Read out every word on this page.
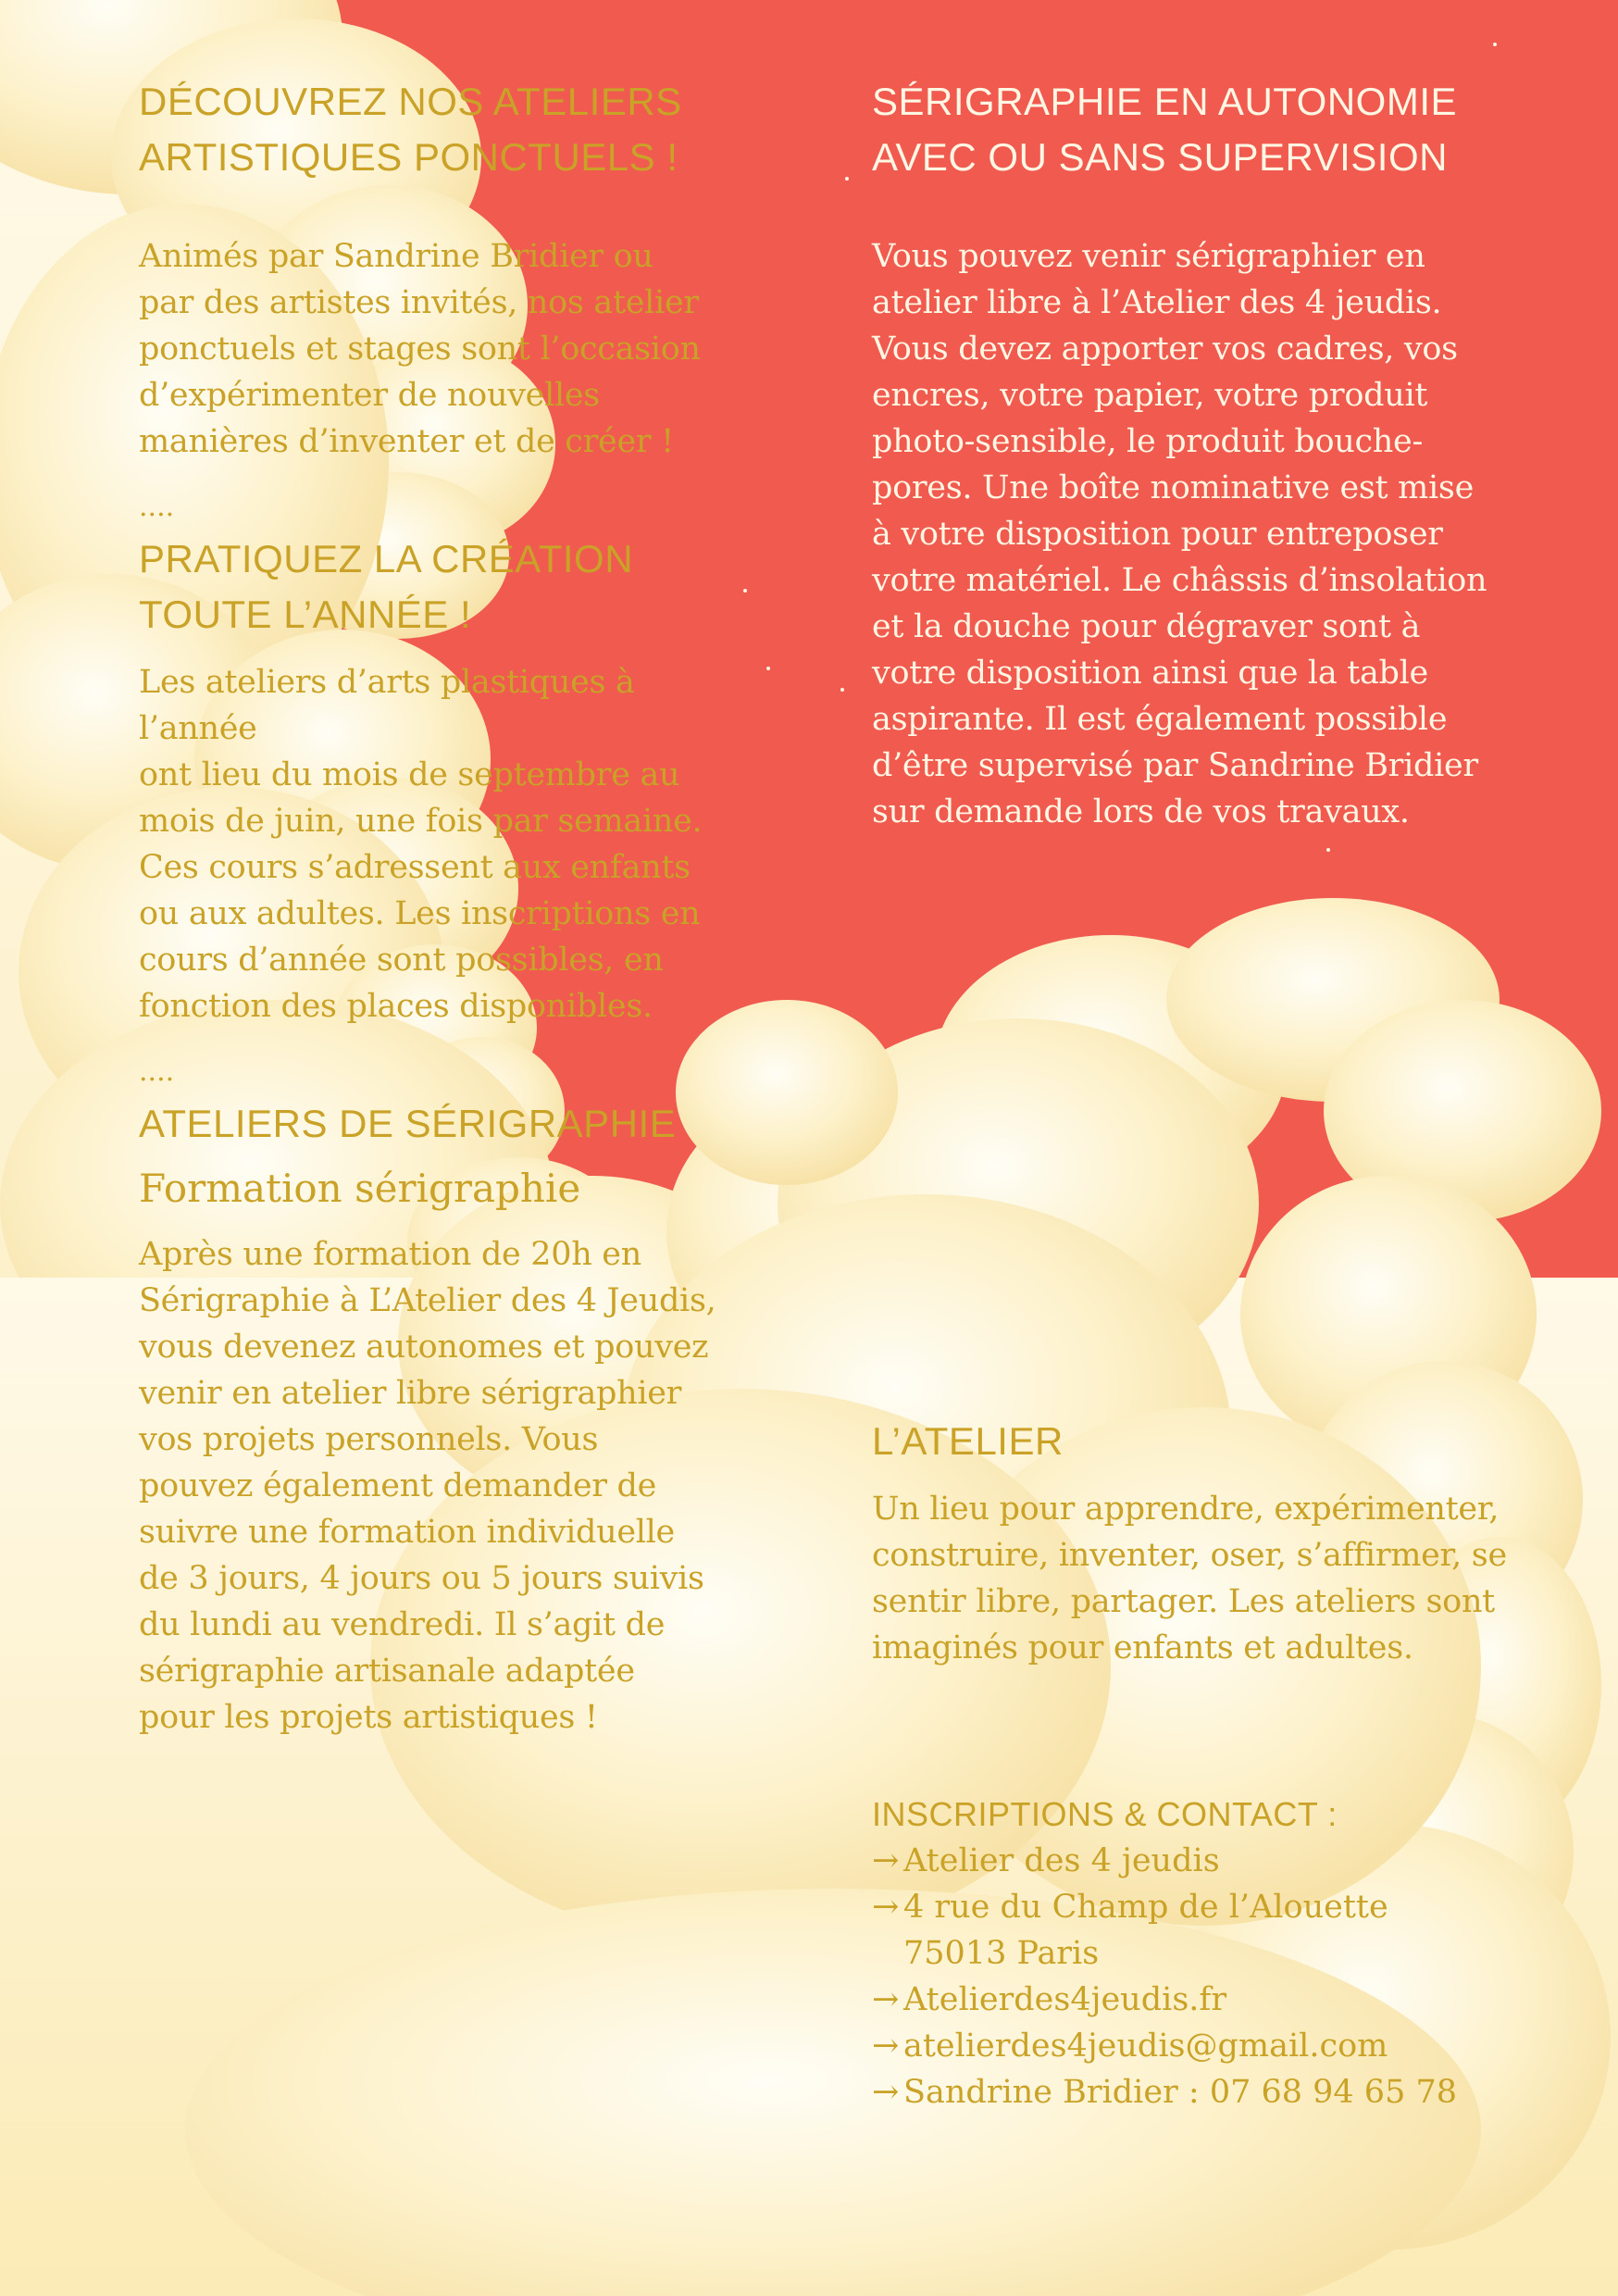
DÉCOUVREZ NOS ATELIERS
ARTISTIQUES PONCTUELS !

Animés par Sandrine Bridier ou
par des artistes invités, nos atelier
ponctuels et stages sont l’occasion
d’expérimenter de nouvelles
manières d’inventer et de créer !

....

PRATIQUEZ LA CRÉATION
TOUTE L’ANNÉE !

Les ateliers d’arts plastiques à l’année
ont lieu du mois de septembre au
mois de juin, une fois par semaine.
Ces cours s’adressent aux enfants
ou aux adultes. Les inscriptions en
cours d’année sont possibles, en
fonction des places disponibles.

....

ATELIERS DE SÉRIGRAPHIE
Formation sérigraphie

Après une formation de 20h en
Sérigraphie à L’Atelier des 4 Jeudis,
vous devenez autonomes et pouvez
venir en atelier libre sérigraphier
vos projets personnels. Vous
pouvez également demander de
suivre une formation individuelle
de 3 jours, 4 jours ou 5 jours suivis
du lundi au vendredi. Il s’agit de
sérigraphie artisanale adaptée
pour les projets artistiques !

SÉRIGRAPHIE EN AUTONOMIE
AVEC OU SANS SUPERVISION

Vous pouvez venir sérigraphier en
atelier libre à l’Atelier des 4 jeudis.
Vous devez apporter vos cadres, vos
encres, votre papier, votre produit
photo-sensible, le produit bouche-
pores. Une boîte nominative est mise
à votre disposition pour entreposer
votre matériel. Le châssis d’insolation
et la douche pour dégraver sont à
votre disposition ainsi que la table
aspirante. Il est également possible
d’être supervisé par Sandrine Bridier
sur demande lors de vos travaux.

L’ATELIER

Un lieu pour apprendre, expérimenter,
construire, inventer, oser, s’affirmer, se
sentir libre, partager. Les ateliers sont
imaginés pour enfants et adultes.

INSCRIPTIONS & CONTACT :

→ Atelier des 4 jeudis

→ 4 rue du Champ de l’Alouette

75013 Paris

→ Atelierdes4jeudis.fr

→ atelierdes4jeudis@gmail.com

→ Sandrine Bridier : 07 68 94 65 78
